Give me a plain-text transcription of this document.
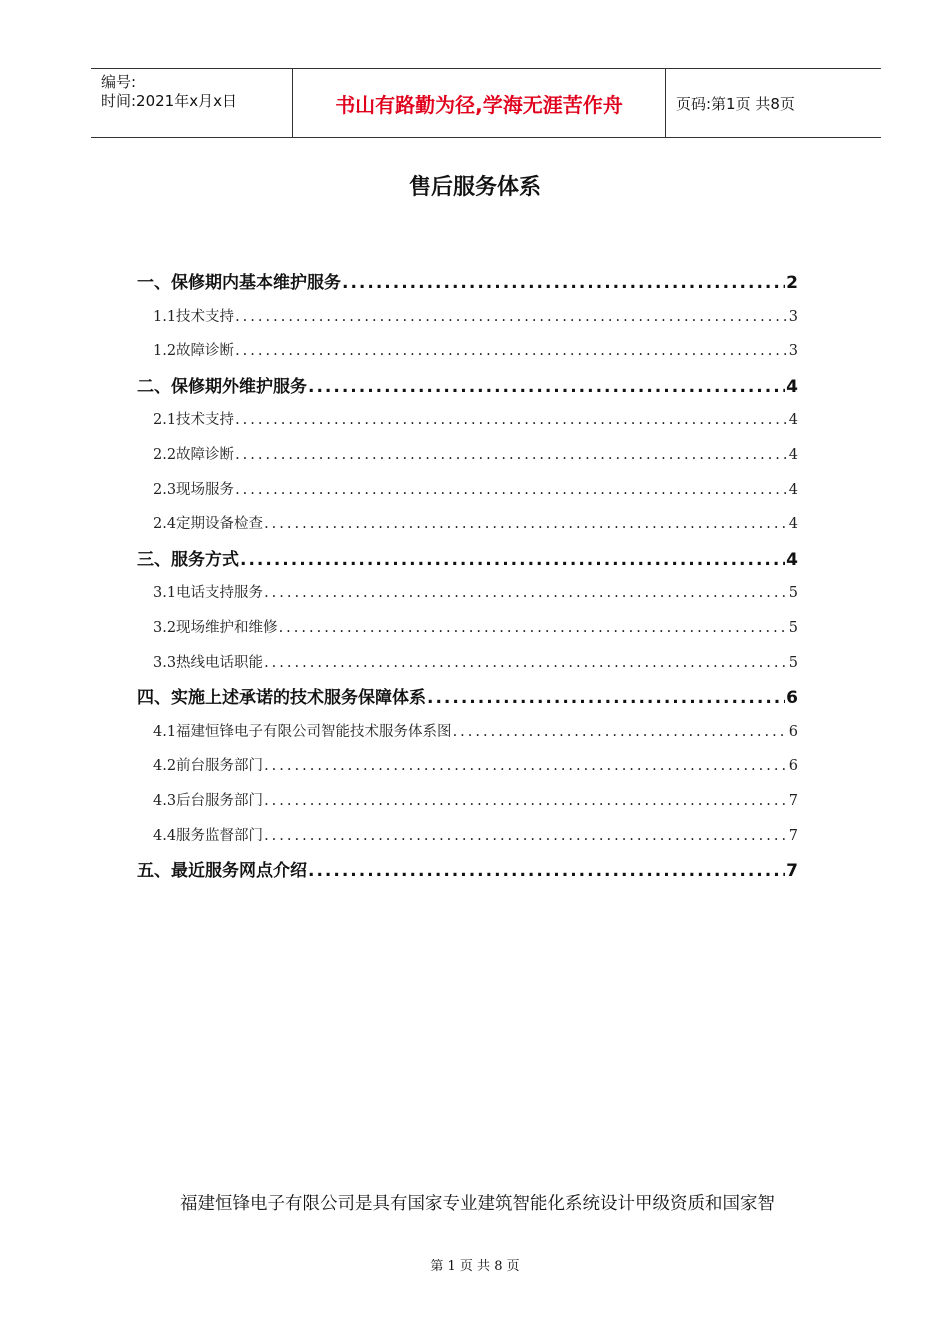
编号:
时间:2021年x月x日	书山有路勤为径,学海无涯苦作舟	页码:第1页 共8页
售后服务体系
一、保修期内基本维护服务 .....	2
1.1技术支持 .....	3
1.2故障诊断 .....	3
二、保修期外维护服务 .....	4
2.1技术支持 .....	4
2.2故障诊断 .....	4
2.3现场服务 .....	4
2.4定期设备检查 .....	4
三、服务方式 .....	4
3.1电话支持服务 .....	5
3.2现场维护和维修 .....	5
3.3热线电话职能 .....	5
四、实施上述承诺的技术服务保障体系 .....	6
4.1福建恒锋电子有限公司智能技术服务体系图 .....	6
4.2前台服务部门 .....	6
4.3后台服务部门 .....	7
4.4服务监督部门 .....	7
五、最近服务网点介绍 .....	7
福建恒锋电子有限公司是具有国家专业建筑智能化系统设计甲级资质和国家智
第 1 页 共 8 页
